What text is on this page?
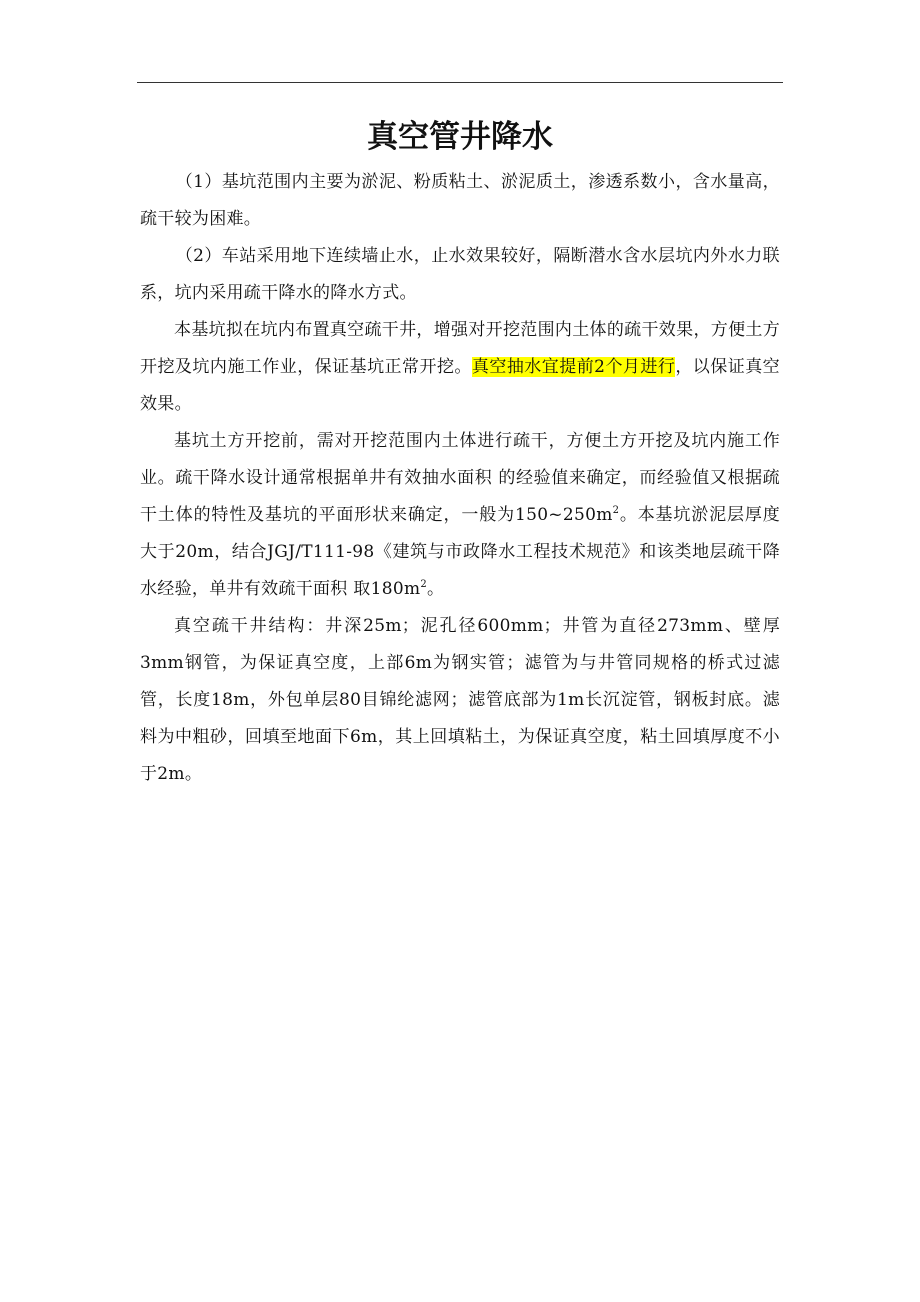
真空管井降水

（1）基坑范围内主要为淤泥、粉质粘土、淤泥质土，渗透系数小，含水量高，疏干较为困难。

（2）车站采用地下连续墙止水，止水效果较好，隔断潜水含水层坑内外水力联系，坑内采用疏干降水的降水方式。

本基坑拟在坑内布置真空疏干井，增强对开挖范围内土体的疏干效果，方便土方开挖及坑内施工作业，保证基坑正常开挖。真空抽水宜提前2个月进行，以保证真空效果。

基坑土方开挖前，需对开挖范围内土体进行疏干，方便土方开挖及坑内施工作业。疏干降水设计通常根据单井有效抽水面积 的经验值来确定，而经验值又根据疏干土体的特性及基坑的平面形状来确定，一般为$150\sim 250m^2$。本基坑淤泥层厚度大于20m，结合JGJ/T111-98《建筑与市政降水工程技术规范》和该类地层疏干降水经验，单井有效疏干面积 取$180m^2$。

真空疏干井结构：井深25m；泥孔径600mm；井管为直径273mm、壁厚3mm钢管，为保证真空度，上部6m为钢实管；滤管为与井管同规格的桥式过滤管，长度18m，外包单层80目锦纶滤网；滤管底部为1m长沉淀管，钢板封底。滤料为中粗砂，回填至地面下6m，其上回填粘土，为保证真空度，粘土回填厚度不小于2m。
